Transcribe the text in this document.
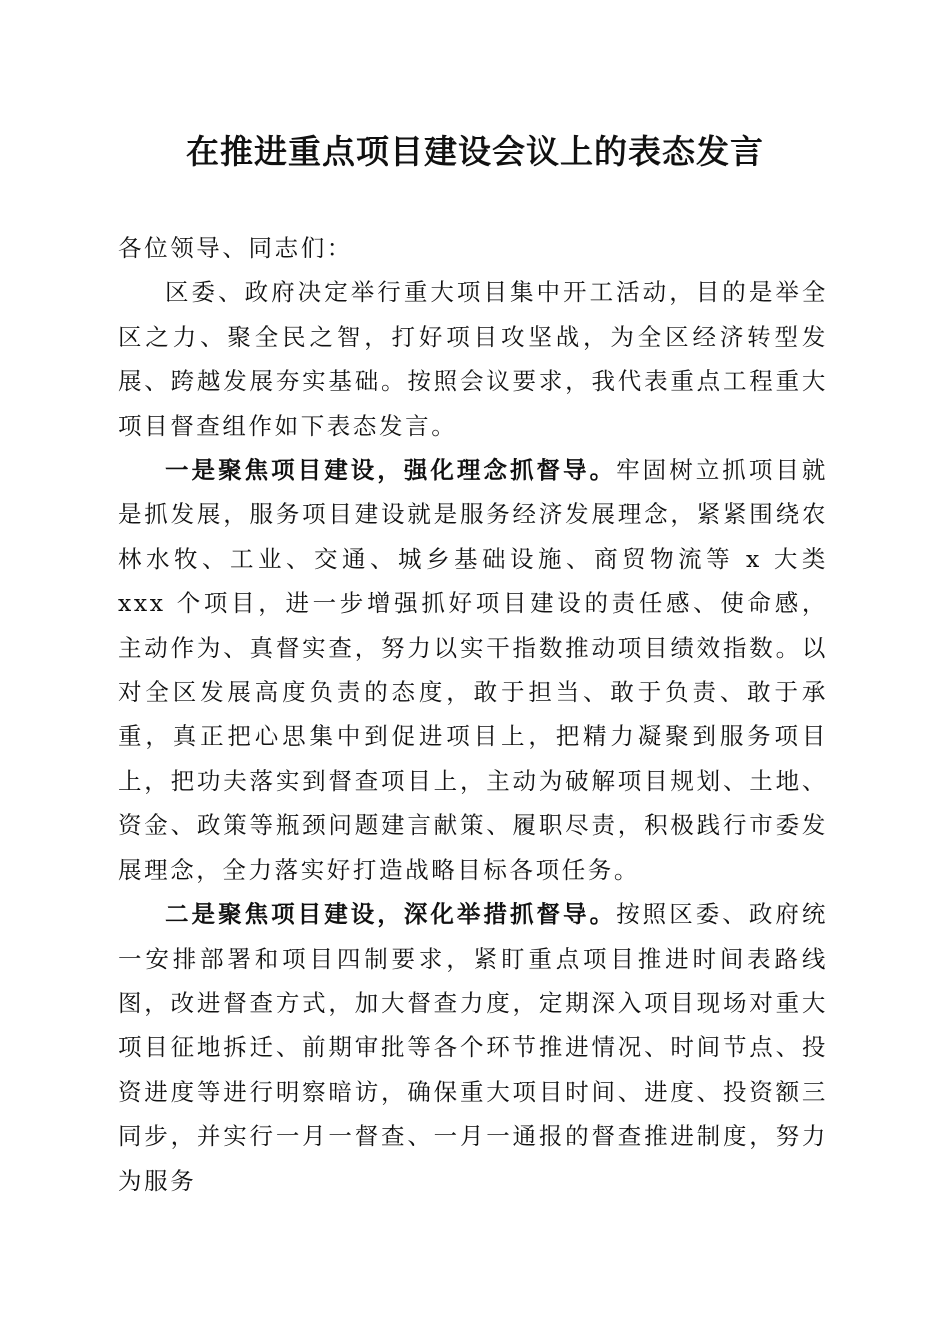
在推进重点项目建设会议上的表态发言

各位领导、同志们：

区委、政府决定举行重大项目集中开工活动，目的是举全区之力、聚全民之智，打好项目攻坚战，为全区经济转型发展、跨越发展夯实基础。按照会议要求，我代表重点工程重大项目督查组作如下表态发言。

一是聚焦项目建设，强化理念抓督导。牢固树立抓项目就是抓发展，服务项目建设就是服务经济发展理念，紧紧围绕农林水牧、工业、交通、城乡基础设施、商贸物流等 x 大类 xxx 个项目，进一步增强抓好项目建设的责任感、使命感，主动作为、真督实查，努力以实干指数推动项目绩效指数。以对全区发展高度负责的态度，敢于担当、敢于负责、敢于承重，真正把心思集中到促进项目上，把精力凝聚到服务项目上，把功夫落实到督查项目上，主动为破解项目规划、土地、资金、政策等瓶颈问题建言献策、履职尽责，积极践行市委发展理念，全力落实好打造战略目标各项任务。

二是聚焦项目建设，深化举措抓督导。按照区委、政府统一安排部署和项目四制要求，紧盯重点项目推进时间表路线图，改进督查方式，加大督查力度，定期深入项目现场对重大项目征地拆迁、前期审批等各个环节推进情况、时间节点、投资进度等进行明察暗访，确保重大项目时间、进度、投资额三同步，并实行一月一督查、一月一通报的督查推进制度，努力为服务
